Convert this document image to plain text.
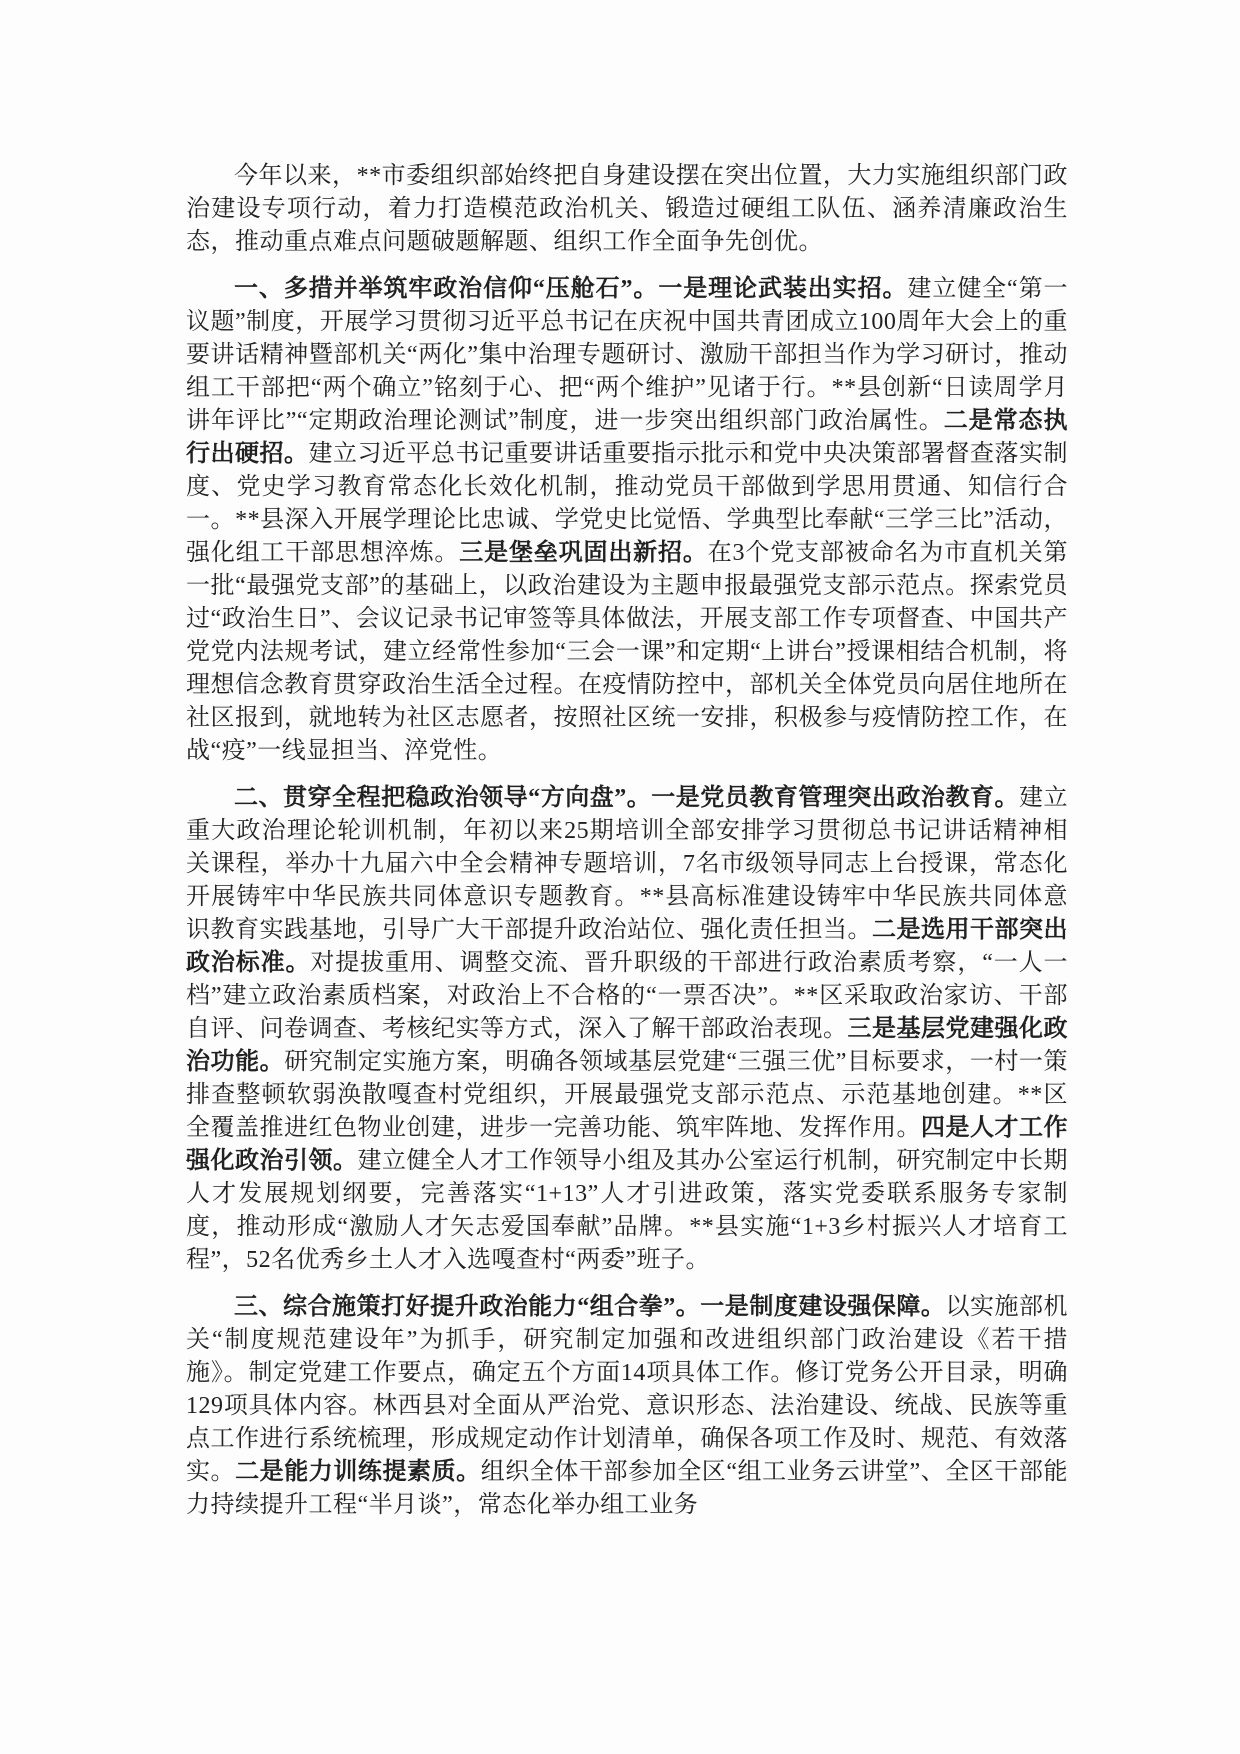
今年以来，**市委组织部始终把自身建设摆在突出位置，大力实施组织部门政治建设专项行动，着力打造模范政治机关、锻造过硬组工队伍、涵养清廉政治生态，推动重点难点问题破题解题、组织工作全面争先创优。

一、多措并举筑牢政治信仰“压舱石”。一是理论武装出实招。建立健全“第一议题”制度，开展学习贯彻习近平总书记在庆祝中国共青团成立100周年大会上的重要讲话精神暨部机关“两化”集中治理专题研讨、激励干部担当作为学习研讨，推动组工干部把“两个确立”铭刻于心、把“两个维护”见诸于行。**县创新“日读周学月讲年评比”“定期政治理论测试”制度，进一步突出组织部门政治属性。二是常态执行出硬招。建立习近平总书记重要讲话重要指示批示和党中央决策部署督查落实制度、党史学习教育常态化长效化机制，推动党员干部做到学思用贯通、知信行合一。**县深入开展学理论比忠诚、学党史比觉悟、学典型比奉献“三学三比”活动，强化组工干部思想淬炼。三是堡垒巩固出新招。在3个党支部被命名为市直机关第一批“最强党支部”的基础上，以政治建设为主题申报最强党支部示范点。探索党员过“政治生日”、会议记录书记审签等具体做法，开展支部工作专项督查、中国共产党党内法规考试，建立经常性参加“三会一课”和定期“上讲台”授课相结合机制，将理想信念教育贯穿政治生活全过程。在疫情防控中，部机关全体党员向居住地所在社区报到，就地转为社区志愿者，按照社区统一安排，积极参与疫情防控工作，在战“疫”一线显担当、淬党性。

二、贯穿全程把稳政治领导“方向盘”。一是党员教育管理突出政治教育。建立重大政治理论轮训机制，年初以来25期培训全部安排学习贯彻总书记讲话精神相关课程，举办十九届六中全会精神专题培训，7名市级领导同志上台授课，常态化开展铸牢中华民族共同体意识专题教育。**县高标准建设铸牢中华民族共同体意识教育实践基地，引导广大干部提升政治站位、强化责任担当。二是选用干部突出政治标准。对提拔重用、调整交流、晋升职级的干部进行政治素质考察，“一人一档”建立政治素质档案，对政治上不合格的“一票否决”。**区采取政治家访、干部自评、问卷调查、考核纪实等方式，深入了解干部政治表现。三是基层党建强化政治功能。研究制定实施方案，明确各领域基层党建“三强三优”目标要求，一村一策排查整顿软弱涣散嘎查村党组织，开展最强党支部示范点、示范基地创建。**区全覆盖推进红色物业创建，进步一完善功能、筑牢阵地、发挥作用。四是人才工作强化政治引领。建立健全人才工作领导小组及其办公室运行机制，研究制定中长期人才发展规划纲要，完善落实“1+13”人才引进政策，落实党委联系服务专家制度，推动形成“激励人才矢志爱国奉献”品牌。**县实施“1+3乡村振兴人才培育工程”，52名优秀乡土人才入选嘎查村“两委”班子。

三、综合施策打好提升政治能力“组合拳”。一是制度建设强保障。以实施部机关“制度规范建设年”为抓手，研究制定加强和改进组织部门政治建设《若干措施》。制定党建工作要点，确定五个方面14项具体工作。修订党务公开目录，明确129项具体内容。林西县对全面从严治党、意识形态、法治建设、统战、民族等重点工作进行系统梳理，形成规定动作计划清单，确保各项工作及时、规范、有效落实。二是能力训练提素质。组织全体干部参加全区“组工业务云讲堂”、全区干部能力持续提升工程“半月谈”，常态化举办组工业务
